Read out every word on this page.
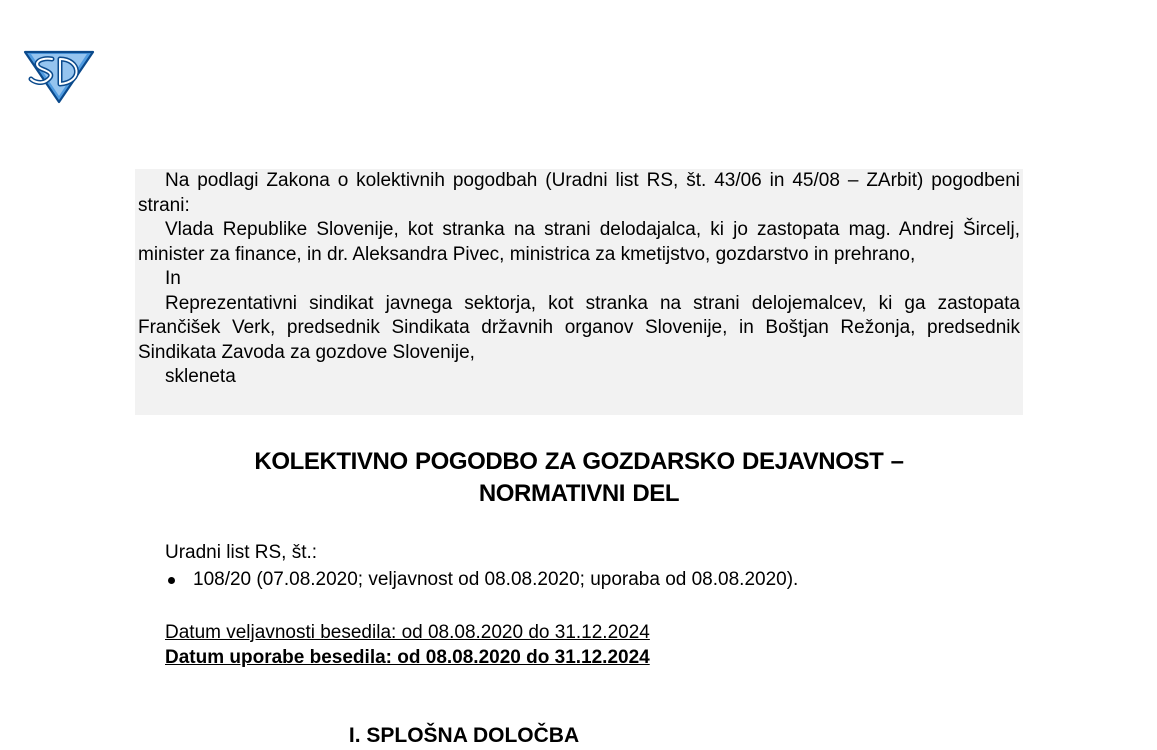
Na podlagi Zakona o kolektivnih pogodbah (Uradni list RS, št. 43/06 in 45/08 – ZArbit) pogodbeni strani:

Vlada Republike Slovenije, kot stranka na strani delodajalca, ki jo zastopata mag. Andrej Šircelj, minister za finance, in dr. Aleksandra Pivec, ministrica za kmetijstvo, gozdarstvo in prehrano,

In

Reprezentativni sindikat javnega sektorja, kot stranka na strani delojemalcev, ki ga zastopata Frančišek Verk, predsednik Sindikata državnih organov Slovenije, in Boštjan Režonja, predsednik Sindikata Zavoda za gozdove Slovenije,

skleneta

KOLEKTIVNO POGODBO ZA GOZDARSKO DEJAVNOST –
NORMATIVNI DEL
Uradni list RS, št.:
108/20 (07.08.2020; veljavnost od 08.08.2020; uporaba od 08.08.2020).
Datum veljavnosti besedila: od 08.08.2020 do 31.12.2024
Datum uporabe besedila: od 08.08.2020 do 31.12.2024
I. SPLOŠNA DOLOČBA
